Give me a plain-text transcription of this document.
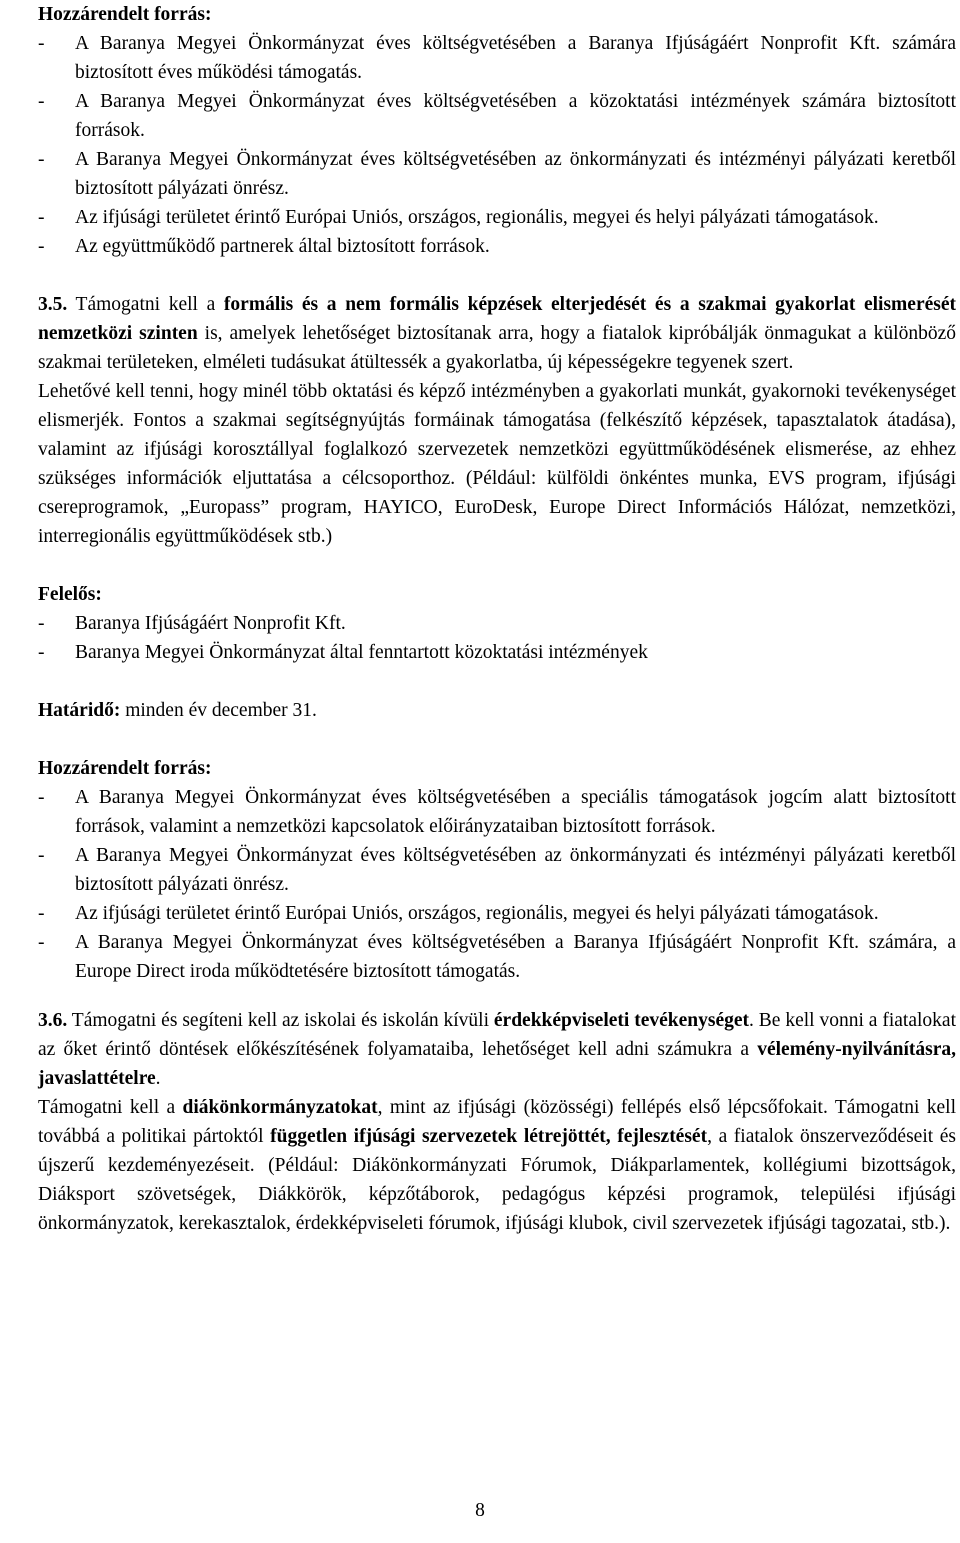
Hozzárendelt forrás:

- A Baranya Megyei Önkormányzat éves költségvetésében a Baranya Ifjúságáért Nonprofit Kft. számára biztosított éves működési támogatás.

- A Baranya Megyei Önkormányzat éves költségvetésében a közoktatási intézmények számára biztosított források.

- A Baranya Megyei Önkormányzat éves költségvetésében az önkormányzati és intézményi pályázati keretből biztosított pályázati önrész.

- Az ifjúsági területet érintő Európai Uniós, országos, regionális, megyei és helyi pályázati támogatások.

- Az együttműködő partnerek által biztosított források.

3.5. Támogatni kell a formális és a nem formális képzések elterjedését és a szakmai gyakorlat elismerését nemzetközi szinten is, amelyek lehetőséget biztosítanak arra, hogy a fiatalok kipróbálják önmagukat a különböző szakmai területeken, elméleti tudásukat átültessék a gyakorlatba, új képességekre tegyenek szert.

Lehetővé kell tenni, hogy minél több oktatási és képző intézményben a gyakorlati munkát, gyakornoki tevékenységet elismerjék. Fontos a szakmai segítségnyújtás formáinak támogatása (felkészítő képzések, tapasztalatok átadása), valamint az ifjúsági korosztállyal foglalkozó szervezetek nemzetközi együttműködésének elismerése, az ehhez szükséges információk eljuttatása a célcsoporthoz. (Például: külföldi önkéntes munka, EVS program, ifjúsági csereprogramok, „Europass” program, HAYICO, EuroDesk, Europe Direct Információs Hálózat, nemzetközi, interregionális együttműködések stb.)

Felelős:

- Baranya Ifjúságáért Nonprofit Kft.

- Baranya Megyei Önkormányzat által fenntartott közoktatási intézmények

Határidő: minden év december 31.

Hozzárendelt forrás:

- A Baranya Megyei Önkormányzat éves költségvetésében a speciális támogatások jogcím alatt biztosított források, valamint a nemzetközi kapcsolatok előirányzataiban biztosított források.

- A Baranya Megyei Önkormányzat éves költségvetésében az önkormányzati és intézményi pályázati keretből biztosított pályázati önrész.

- Az ifjúsági területet érintő Európai Uniós, országos, regionális, megyei és helyi pályázati támogatások.

- A Baranya Megyei Önkormányzat éves költségvetésében a Baranya Ifjúságáért Nonprofit Kft. számára, a Europe Direct iroda működtetésére biztosított támogatás.

3.6. Támogatni és segíteni kell az iskolai és iskolán kívüli érdekképviseleti tevékenységet. Be kell vonni a fiatalokat az őket érintő döntések előkészítésének folyamataiba, lehetőséget kell adni számukra a vélemény-nyilvánításra, javaslattételre.

Támogatni kell a diákönkormányzatokat, mint az ifjúsági (közösségi) fellépés első lépcsőfokait. Támogatni kell továbbá a politikai pártoktól független ifjúsági szervezetek létrejöttét, fejlesztését, a fiatalok önszerveződéseit és újszerű kezdeményezéseit. (Például: Diákönkormányzati Fórumok, Diákparlamentek, kollégiumi bizottságok, Diáksport szövetségek, Diákkörök, képzőtáborok, pedagógus képzési programok, települési ifjúsági önkormányzatok, kerekasztalok, érdekképviseleti fórumok, ifjúsági klubok, civil szervezetek ifjúsági tagozatai, stb.).

8
